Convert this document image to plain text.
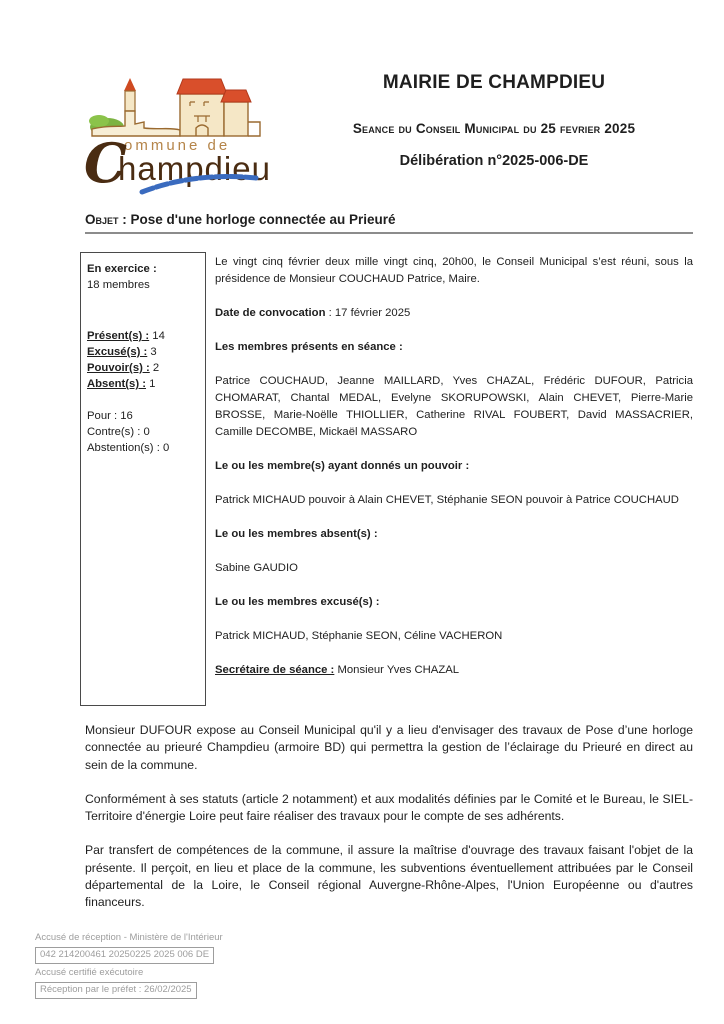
ommune de
C
hampdieu
MAIRIE DE CHAMPDIEU
Seance du Conseil Municipal du 25 fevrier 2025
Délibération n°2025-006-DE
Objet : Pose d'une horloge connectée au Prieuré
En exercice :
18 membres
Présent(s) : 14
Excusé(s) : 3
Pouvoir(s) : 2
Absent(s) : 1
Pour : 16
Contre(s) : 0
Abstention(s) : 0

Le vingt cinq février deux mille vingt cinq, 20h00, le Conseil Municipal s’est réuni, sous la présidence de Monsieur COUCHAUD Patrice, Maire.

Date de convocation : 17 février 2025

Les membres présents en séance :

Patrice COUCHAUD, Jeanne MAILLARD, Yves CHAZAL, Frédéric DUFOUR, Patricia CHOMARAT, Chantal MEDAL, Evelyne SKORUPOWSKI, Alain CHEVET, Pierre-Marie BROSSE, Marie-Noëlle THIOLLIER, Catherine RIVAL FOUBERT, David MASSACRIER, Camille DECOMBE, Mickaël MASSARO

Le ou les membre(s) ayant donnés un pouvoir :

Patrick MICHAUD pouvoir à Alain CHEVET, Stéphanie SEON pouvoir à Patrice COUCHAUD

Le ou les membres absent(s) :

Sabine GAUDIO

Le ou les membres excusé(s) :

Patrick MICHAUD, Stéphanie SEON, Céline VACHERON

Secrétaire de séance : Monsieur Yves CHAZAL

Monsieur DUFOUR expose au Conseil Municipal qu'il y a lieu d'envisager des travaux de Pose d’une horloge connectée au prieuré Champdieu (armoire BD) qui permettra la gestion de l’éclairage du Prieuré en direct au sein de la commune.

Conformément à ses statuts (article 2 notamment) et aux modalités définies par le Comité et le Bureau, le SIEL-Territoire d'énergie Loire peut faire réaliser des travaux pour le compte de ses adhérents.

Par transfert de compétences de la commune, il assure la maîtrise d'ouvrage des travaux faisant l'objet de la présente. Il perçoit, en lieu et place de la commune, les subventions éventuellement attribuées par le Conseil départemental de la Loire, le Conseil régional Auvergne-Rhône-Alpes, l'Union Européenne ou d'autres financeurs.

Accusé de réception - Ministère de l'Intérieur
042 214200461 20250225 2025 006 DE
Accusé certifié exécutoire
Réception par le préfet : 26/02/2025
